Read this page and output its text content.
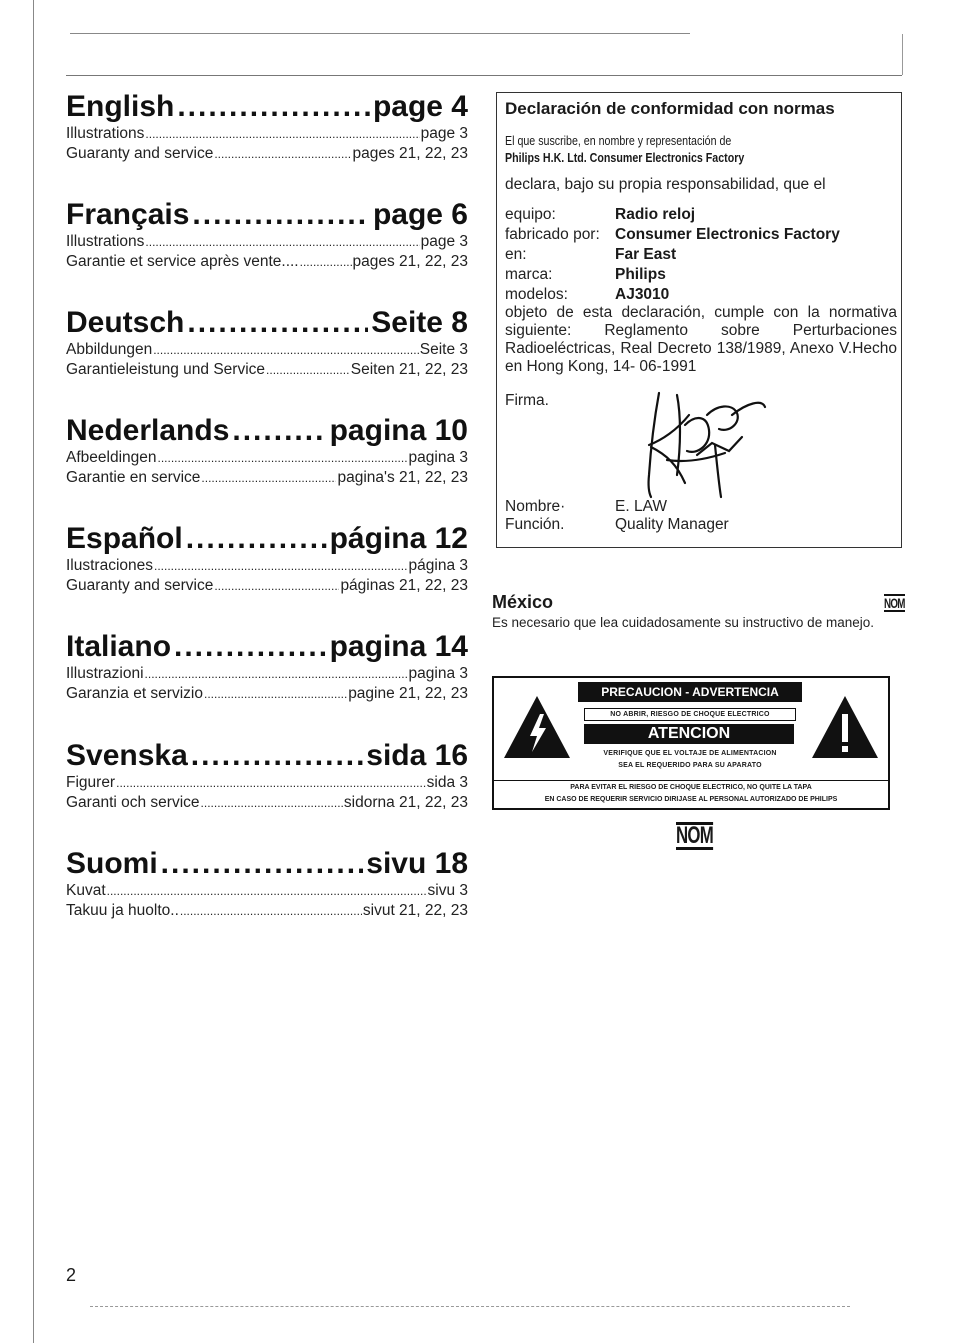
English .....	page 4
Illustrations .....	page 3
Guaranty and service .....	pages 21, 22, 23
Français .....	page 6
Illustrations .....	page 3
Garantie et service après vente.... .....	pages 21, 22, 23
Deutsch .....	Seite 8
Abbildungen .....	Seite 3
Garantieleistung und Service .....	Seiten 21, 22, 23
Nederlands .....	pagina 10
Afbeeldingen .....	pagina 3
Garantie en service .....	pagina's 21, 22, 23
Español .....	página 12
Ilustraciones .....	página 3
Guaranty and service .....	páginas 21, 22, 23
Italiano .....	pagina 14
Illustrazioni .....	pagina 3
Garanzia et servizio .....	pagine 21, 22, 23
Svenska .....	sida 16
Figurer .....	sida 3
Garanti och service .....	sidorna 21, 22, 23
Suomi .....	sivu 18
Kuvat .....	sivu 3
Takuu ja huolto.. .....	sivut 21, 22, 23
Declaración de conformidad con normas
El que suscribe, en nombre y representación de
Philips H.K. Ltd. Consumer Electronics Factory
declara, bajo su propia responsabilidad, que el
equipo:	Radio reloj
fabricado por: Consumer Electronics Factory
en:	Far East
marca:	Philips
modelos:	AJ3010
objeto de esta declaración, cumple con la normativa siguiente: Reglamento sobre Perturbaciones Radioeléctricas, Real Decreto 138/1989, Anexo V.Hecho en Hong Kong, 14- 06-1991
Firma.
Nombre·	E. LAW
Función.	Quality Manager
México	NOM
Es necesario que lea cuidadosamente su instructivo de manejo.
PRECAUCION - ADVERTENCIA
NO ABRIR, RIESGO DE CHOQUE ELECTRICO
ATENCION
VERIFIQUE QUE EL VOLTAJE DE ALIMENTACION
SEA EL REQUERIDO PARA SU APARATO
PARA EVITAR EL RIESGO DE CHOQUE ELECTRICO, NO QUITE LA TAPA
EN CASO DE REQUERIR SERVICIO DIRIJASE AL PERSONAL AUTORIZADO DE PHILIPS
NOM
2
